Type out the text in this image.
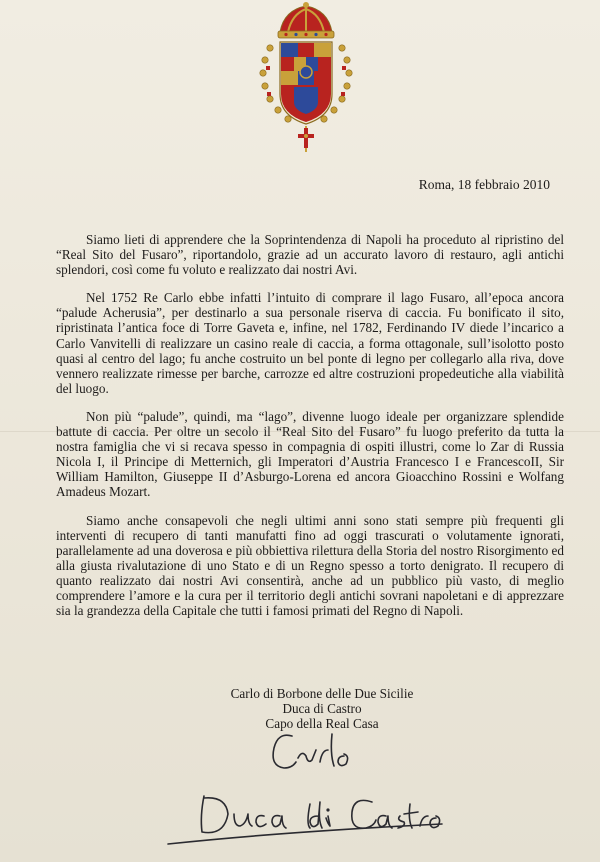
Roma, 18 febbraio 2010

Siamo lieti di apprendere che la Soprintendenza di Napoli ha proceduto al ripristino del “Real Sito del Fusaro”, riportandolo, grazie ad un accurato lavoro di restauro, agli antichi splendori, così come fu voluto e realizzato dai nostri Avi.

Nel 1752 Re Carlo ebbe infatti l’intuito di comprare il lago Fusaro, all’epoca ancora “palude Acherusia”, per destinarlo a sua personale riserva di caccia. Fu bonificato il sito, ripristinata l’antica foce di Torre Gaveta e, infine, nel 1782, Ferdinando IV diede l’incarico a Carlo Vanvitelli di realizzare un casino reale di caccia, a forma ottagonale, sull’isolotto posto quasi al centro del lago; fu anche costruito un bel ponte di legno per collegarlo alla riva, dove vennero realizzate rimesse per barche, carrozze ed altre costruzioni propedeutiche alla viabilità del luogo.

Non più “palude”, quindi, ma “lago”, divenne luogo ideale per organizzare splendide battute di caccia. Per oltre un secolo il “Real Sito del Fusaro” fu luogo preferito da tutta la nostra famiglia che vi si recava spesso in compagnia di ospiti illustri, come lo Zar di Russia Nicola I, il Principe di Metternich, gli Imperatori d’Austria Francesco I e FrancescoII, Sir William Hamilton, Giuseppe II d’Asburgo-Lorena ed ancora Gioacchino Rossini e Wolfang Amadeus Mozart.

Siamo anche consapevoli che negli ultimi anni sono stati sempre più frequenti gli interventi di recupero di tanti manufatti fino ad oggi trascurati o volutamente ignorati, parallelamente ad una doverosa e più obbiettiva rilettura della Storia del nostro Risorgimento ed alla giusta rivalutazione di uno Stato e di un Regno spesso a torto denigrato. Il recupero di quanto realizzato dai nostri Avi consentirà, anche ad un pubblico più vasto, di meglio comprendere l’amore e la cura per il territorio degli antichi sovrani napoletani e di apprezzare sia la grandezza della Capitale che tutti i famosi primati del Regno di Napoli.

Carlo di Borbone delle Due Sicilie
Duca di Castro
Capo della Real Casa
